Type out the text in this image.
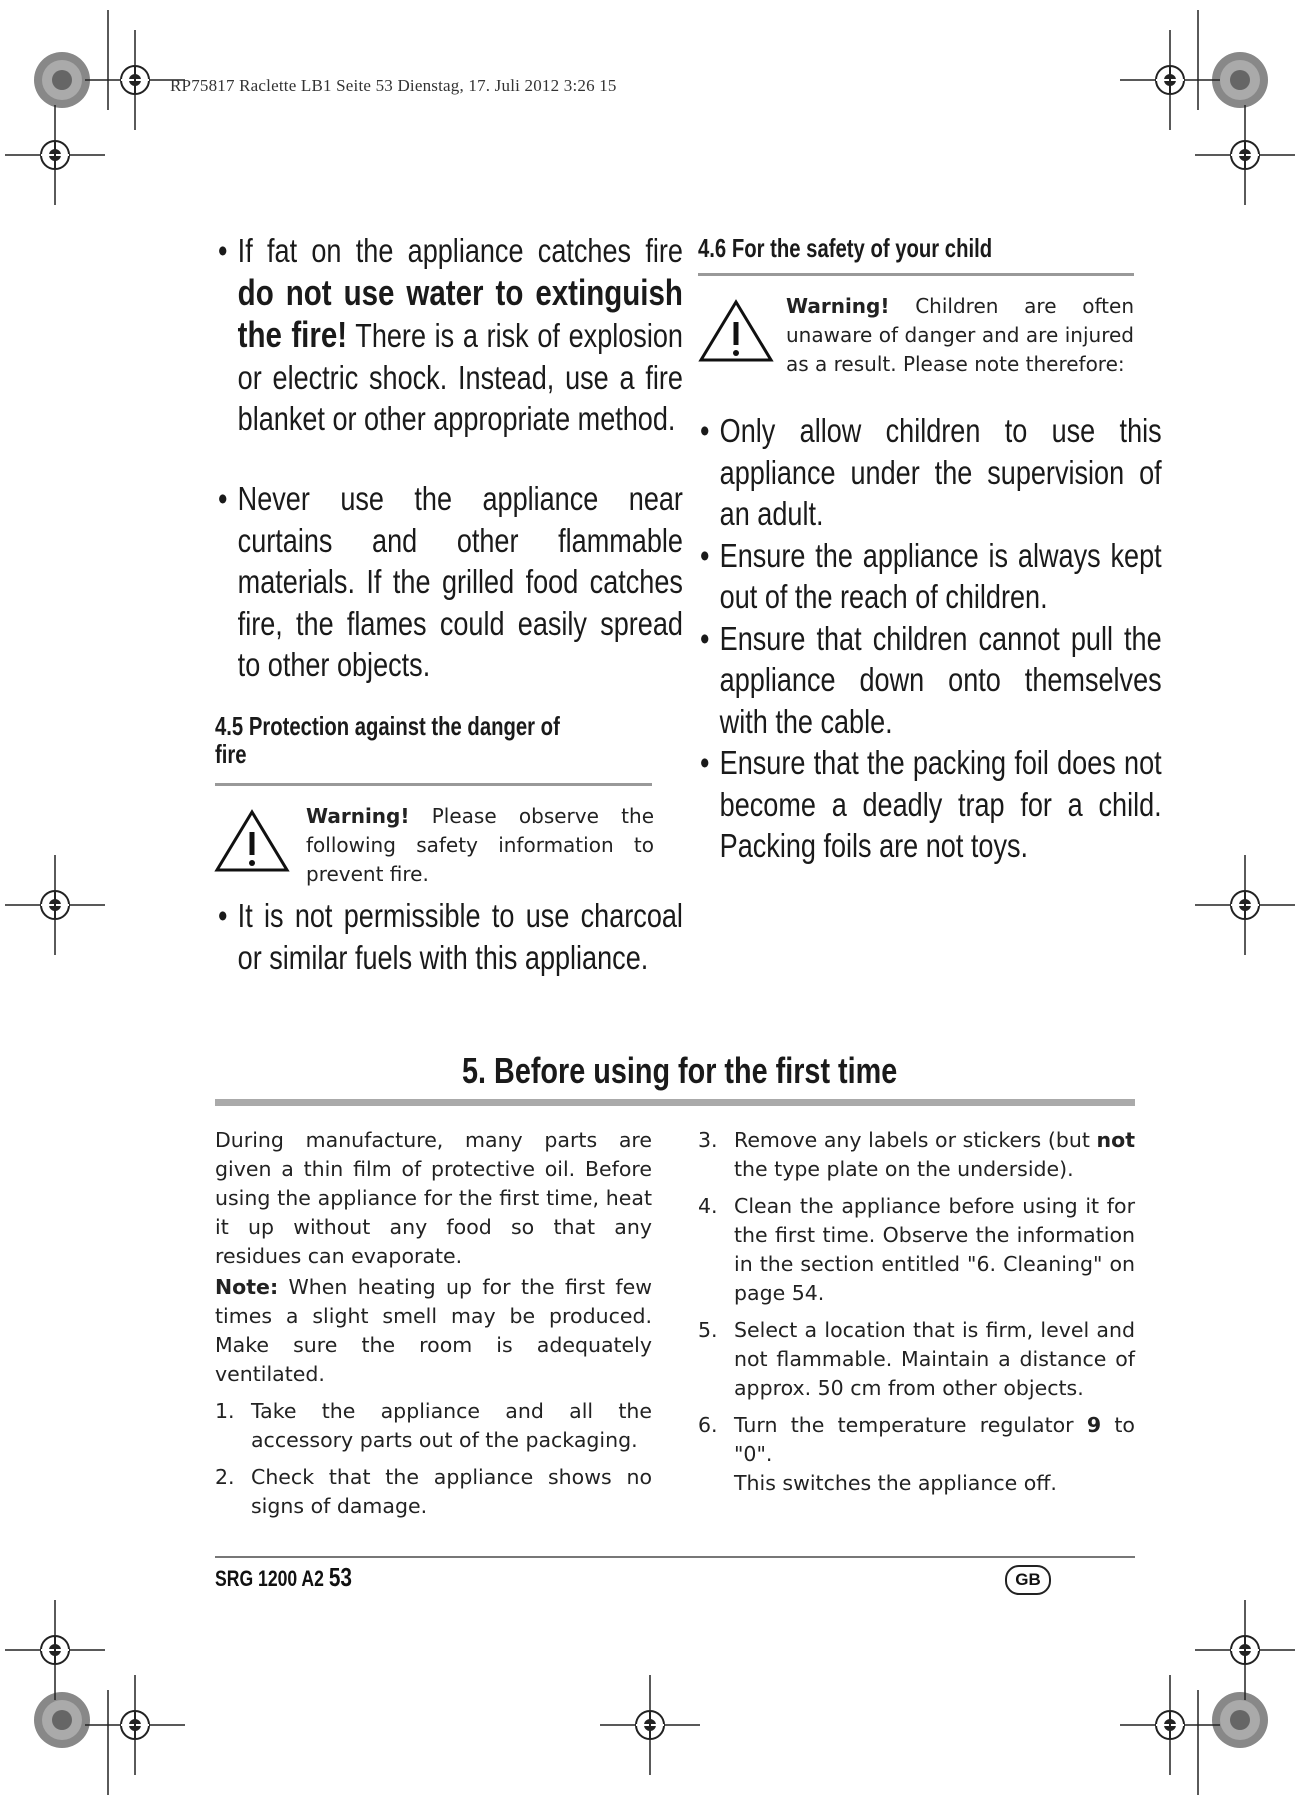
RP75817 Raclette LB1 Seite 53 Dienstag, 17. Juli 2012 3:26 15
• If fat on the appliance catches fire do not use water to extinguish the fire! There is a risk of explosion or electric shock. Instead, use a fire blanket or other appropriate method.
• Never use the appliance near curtains and other flammable materials. If the grilled food catches fire, the flames could easily spread to other objects.
4.5 Protection against the danger of fire
Warning! Please observe the following safety information to prevent fire.
• It is not permissible to use charcoal or similar fuels with this appliance.
4.6 For the safety of your child
Warning! Children are often unaware of danger and are injured as a result. Please note therefore:
• Only allow children to use this appliance under the supervision of an adult.
• Ensure the appliance is always kept out of the reach of children.
• Ensure that children cannot pull the appliance down onto themselves with the cable.
• Ensure that the packing foil does not become a deadly trap for a child. Packing foils are not toys.
5. Before using for the first time

During manufacture, many parts are given a thin film of protective oil. Before using the appliance for the first time, heat it up without any food so that any residues can evaporate.

Note: When heating up for the first few times a slight smell may be produced. Make sure the room is adequately ventilated.

1. Take the appliance and all the accessory parts out of the packaging.
2. Check that the appliance shows no signs of damage.
3. Remove any labels or stickers (but not the type plate on the underside).
4. Clean the appliance before using it for the first time. Observe the information in the section entitled "6. Cleaning" on page 54.
5. Select a location that is firm, level and not flammable. Maintain a distance of approx. 50 cm from other objects.
6. Turn the temperature regulator 9 to "0".
This switches the appliance off.
SRG 1200 A2 53	GB
